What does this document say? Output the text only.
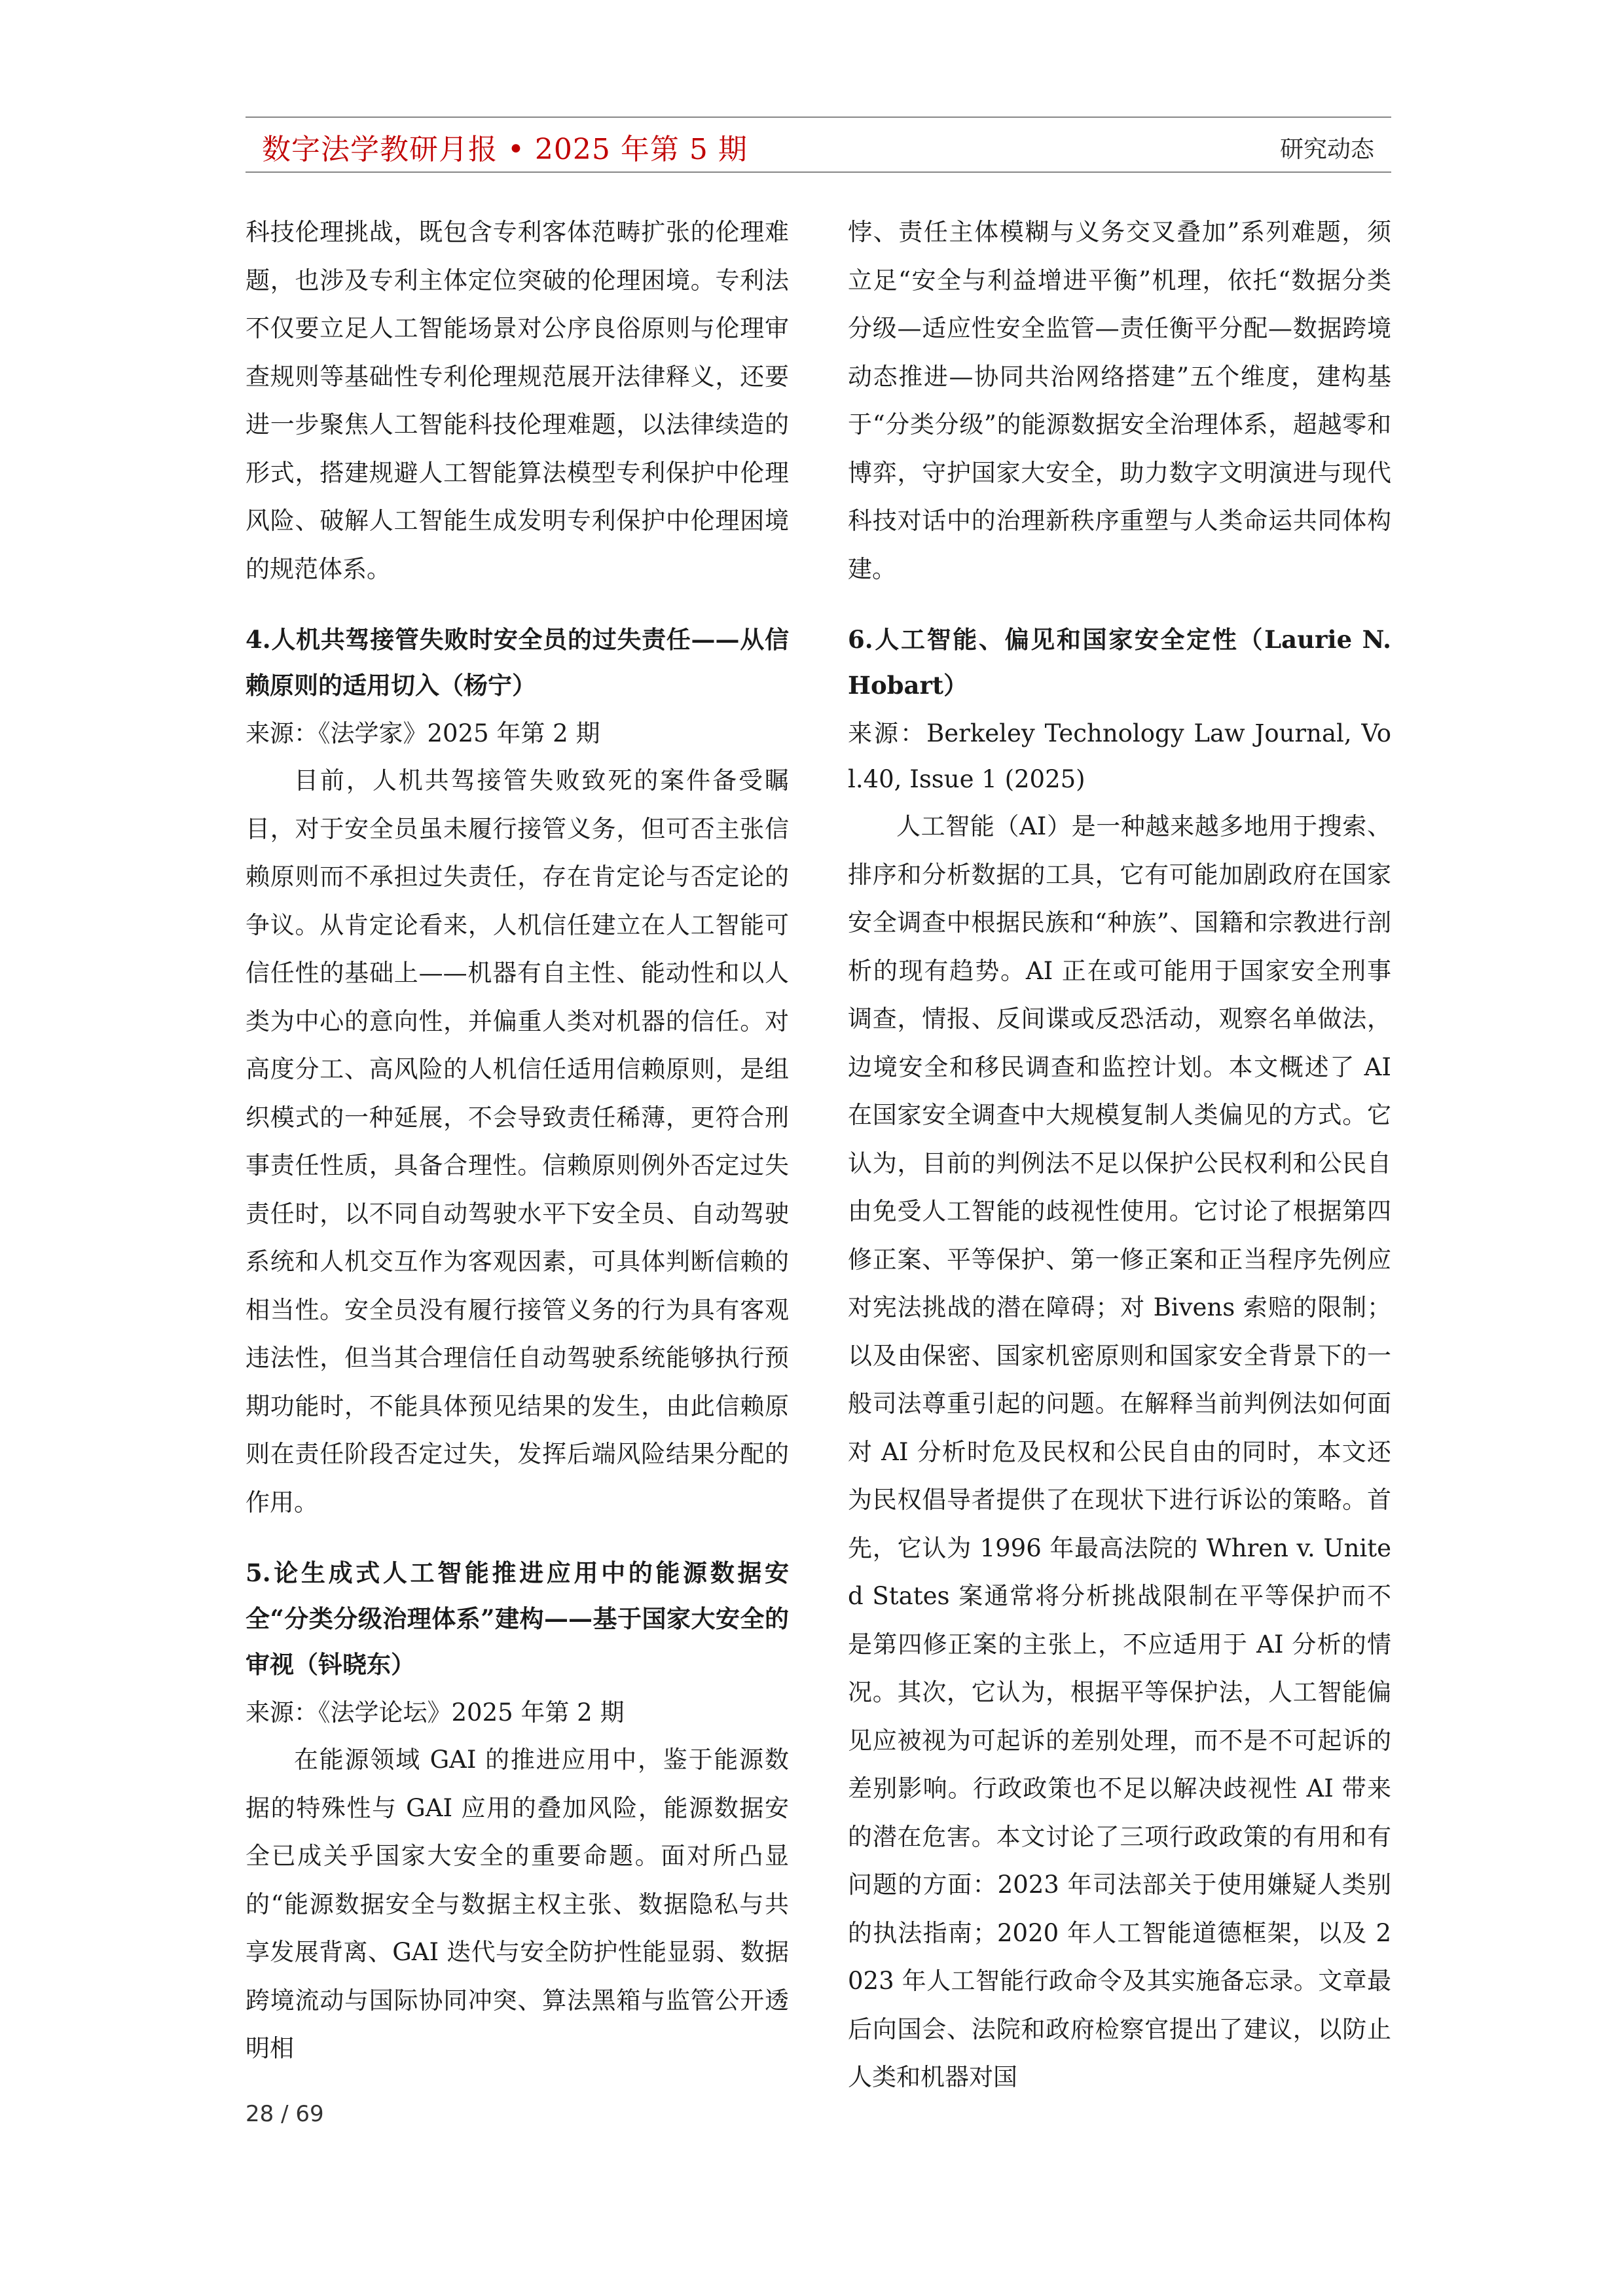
数字法学教研月报 • 2025 年第 5 期	研究动态

科技伦理挑战，既包含专利客体范畴扩张的伦理难题，也涉及专利主体定位突破的伦理困境。专利法不仅要立足人工智能场景对公序良俗原则与伦理审查规则等基础性专利伦理规范展开法律释义，还要进一步聚焦人工智能科技伦理难题，以法律续造的形式，搭建规避人工智能算法模型专利保护中伦理风险、破解人工智能生成发明专利保护中伦理困境的规范体系。

4.人机共驾接管失败时安全员的过失责任——从信赖原则的适用切入（杨宁）

来源：《法学家》2025 年第 2 期

目前，人机共驾接管失败致死的案件备受瞩目，对于安全员虽未履行接管义务，但可否主张信赖原则而不承担过失责任，存在肯定论与否定论的争议。从肯定论看来，人机信任建立在人工智能可信任性的基础上——机器有自主性、能动性和以人类为中心的意向性，并偏重人类对机器的信任。对高度分工、高风险的人机信任适用信赖原则，是组织模式的一种延展，不会导致责任稀薄，更符合刑事责任性质，具备合理性。信赖原则例外否定过失责任时，以不同自动驾驶水平下安全员、自动驾驶系统和人机交互作为客观因素，可具体判断信赖的相当性。安全员没有履行接管义务的行为具有客观违法性，但当其合理信任自动驾驶系统能够执行预期功能时，不能具体预见结果的发生，由此信赖原则在责任阶段否定过失，发挥后端风险结果分配的作用。

5.论生成式人工智能推进应用中的能源数据安全“分类分级治理体系”建构——基于国家大安全的审视（钭晓东）

来源：《法学论坛》2025 年第 2 期

在能源领域 GAI 的推进应用中，鉴于能源数据的特殊性与 GAI 应用的叠加风险，能源数据安全已成关乎国家大安全的重要命题。面对所凸显的“能源数据安全与数据主权主张、数据隐私与共享发展背离、GAI 迭代与安全防护性能显弱、数据跨境流动与国际协同冲突、算法黑箱与监管公开透明相

悖、责任主体模糊与义务交叉叠加”系列难题，须立足“安全与利益增进平衡”机理，依托“数据分类分级—适应性安全监管—责任衡平分配—数据跨境动态推进—协同共治网络搭建”五个维度，建构基于“分类分级”的能源数据安全治理体系，超越零和博弈，守护国家大安全，助力数字文明演进与现代科技对话中的治理新秩序重塑与人类命运共同体构建。

6.人工智能、偏见和国家安全定性（Laurie N. Hobart）

来源：Berkeley Technology Law Journal, Vol.40, Issue 1 (2025)

人工智能（AI）是一种越来越多地用于搜索、排序和分析数据的工具，它有可能加剧政府在国家安全调查中根据民族和“种族”、国籍和宗教进行剖析的现有趋势。AI 正在或可能用于国家安全刑事调查，情报、反间谍或反恐活动，观察名单做法，边境安全和移民调查和监控计划。本文概述了 AI 在国家安全调查中大规模复制人类偏见的方式。它认为，目前的判例法不足以保护公民权利和公民自由免受人工智能的歧视性使用。它讨论了根据第四修正案、平等保护、第一修正案和正当程序先例应对宪法挑战的潜在障碍；对 Bivens 索赔的限制；以及由保密、国家机密原则和国家安全背景下的一般司法尊重引起的问题。在解释当前判例法如何面对 AI 分析时危及民权和公民自由的同时，本文还为民权倡导者提供了在现状下进行诉讼的策略。首先，它认为 1996 年最高法院的 Whren v. United States 案通常将分析挑战限制在平等保护而不是第四修正案的主张上，不应适用于 AI 分析的情况。其次，它认为，根据平等保护法，人工智能偏见应被视为可起诉的差别处理，而不是不可起诉的差别影响。行政政策也不足以解决歧视性 AI 带来的潜在危害。本文讨论了三项行政政策的有用和有问题的方面：2023 年司法部关于使用嫌疑人类别的执法指南；2020 年人工智能道德框架，以及 2023 年人工智能行政命令及其实施备忘录。文章最后向国会、法院和政府检察官提出了建议，以防止人类和机器对国

28 / 69
